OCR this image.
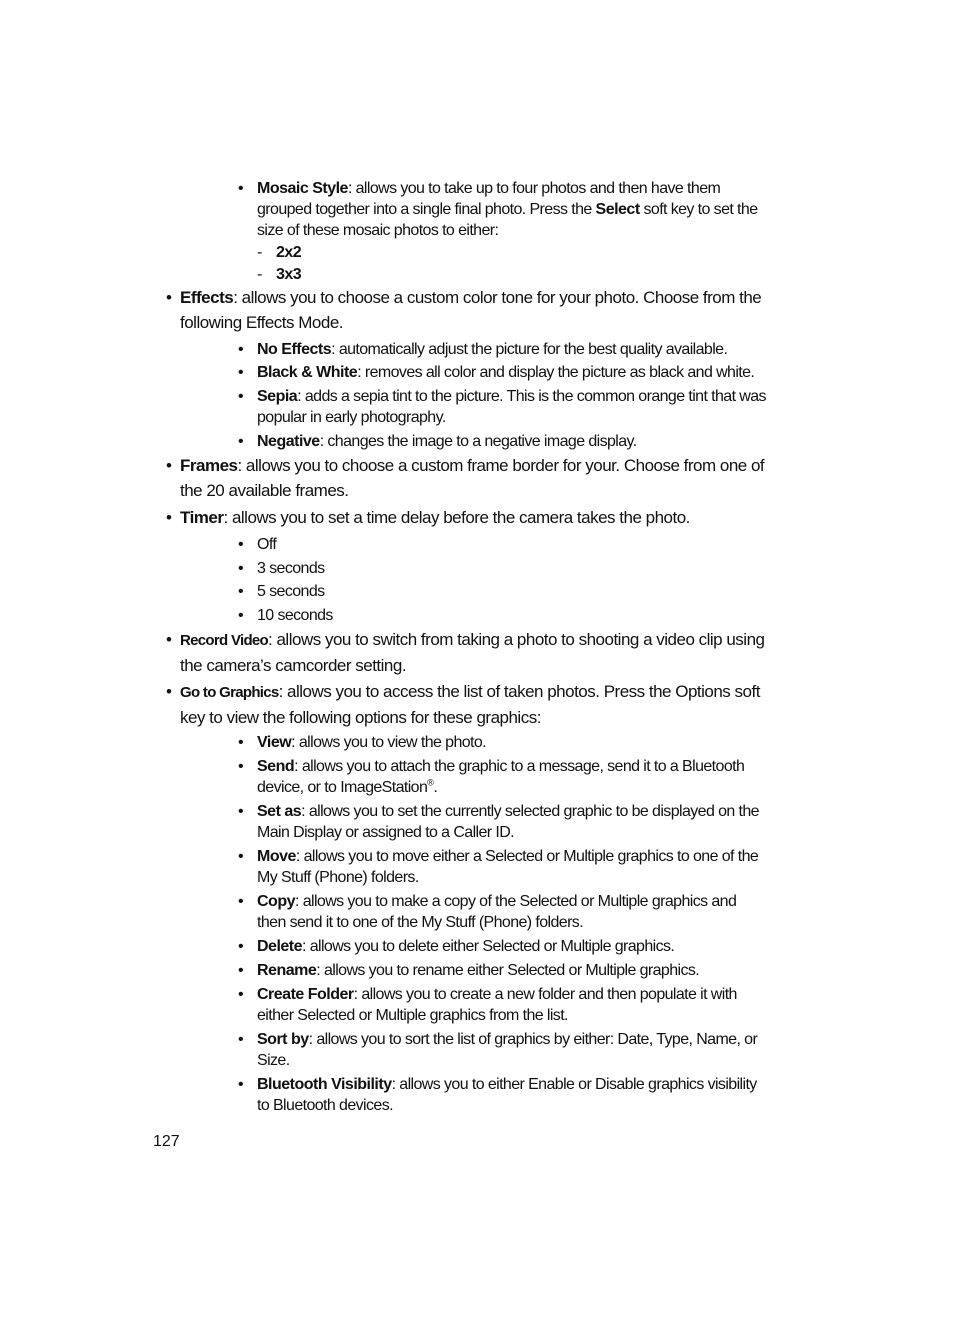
• Mosaic Style: allows you to take up to four photos and then have them grouped together into a single final photo. Press the Select soft key to set the size of these mosaic photos to either:
- 2x2
- 3x3
• Effects: allows you to choose a custom color tone for your photo. Choose from the following Effects Mode.
• No Effects: automatically adjust the picture for the best quality available.
• Black & White: removes all color and display the picture as black and white.
• Sepia: adds a sepia tint to the picture. This is the common orange tint that was popular in early photography.
• Negative: changes the image to a negative image display.
• Frames: allows you to choose a custom frame border for your. Choose from one of the 20 available frames.
• Timer: allows you to set a time delay before the camera takes the photo.
• Off
• 3 seconds
• 5 seconds
• 10 seconds
• Record Video: allows you to switch from taking a photo to shooting a video clip using the camera’s camcorder setting.
• Go to Graphics: allows you to access the list of taken photos. Press the Options soft key to view the following options for these graphics:
• View: allows you to view the photo.
• Send: allows you to attach the graphic to a message, send it to a Bluetooth device, or to ImageStation®.
• Set as: allows you to set the currently selected graphic to be displayed on the Main Display or assigned to a Caller ID.
• Move: allows you to move either a Selected or Multiple graphics to one of the My Stuff (Phone) folders.
• Copy: allows you to make a copy of the Selected or Multiple graphics and then send it to one of the My Stuff (Phone) folders.
• Delete: allows you to delete either Selected or Multiple graphics.
• Rename: allows you to rename either Selected or Multiple graphics.
• Create Folder: allows you to create a new folder and then populate it with either Selected or Multiple graphics from the list.
• Sort by: allows you to sort the list of graphics by either: Date, Type, Name, or Size.
• Bluetooth Visibility: allows you to either Enable or Disable graphics visibility to Bluetooth devices.
127
